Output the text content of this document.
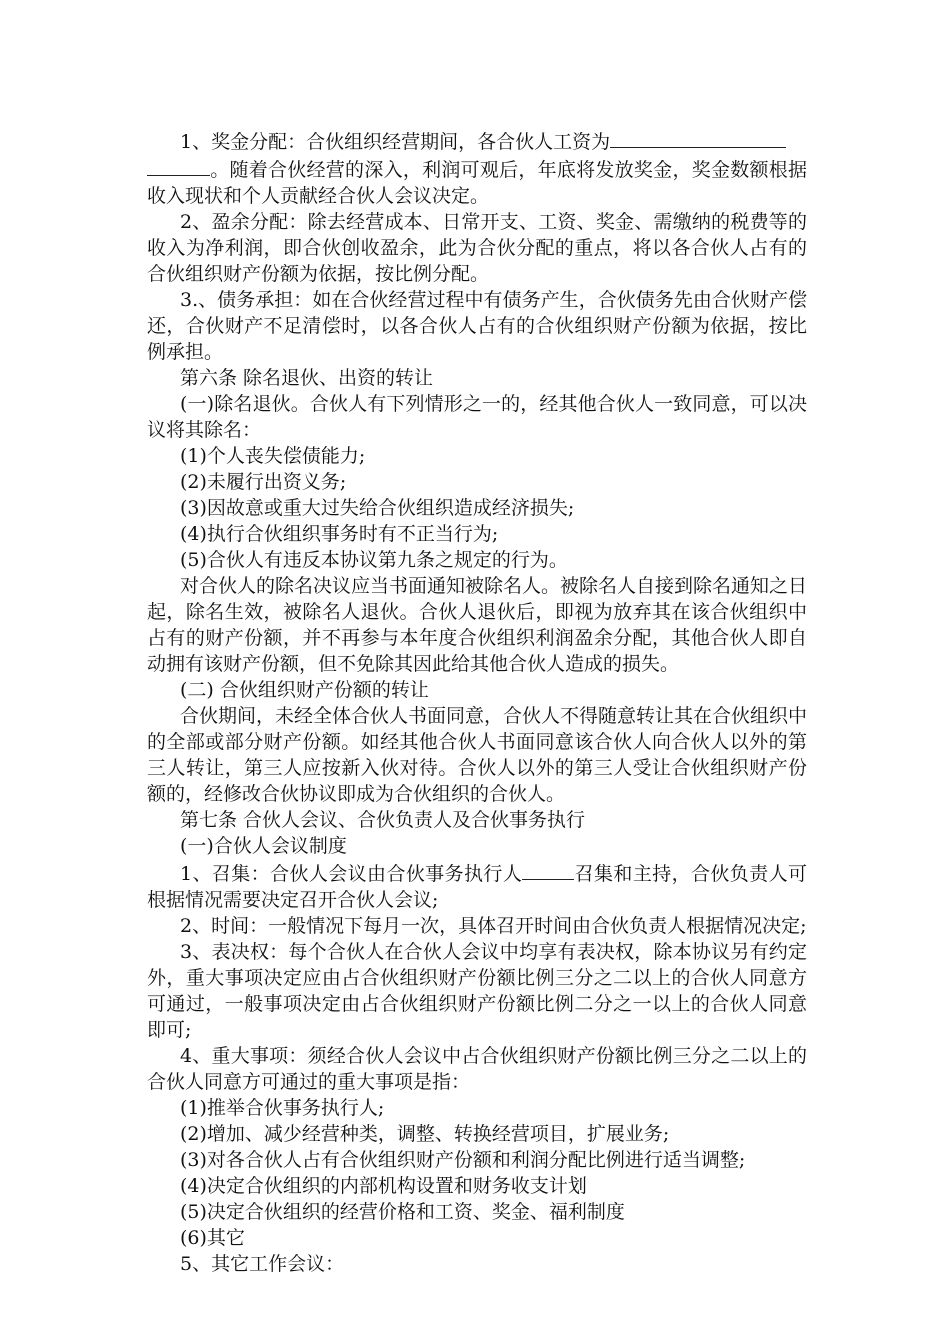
1、奖金分配：合伙组织经营期间，各合伙人工资为

。随着合伙经营的深入，利润可观后，年底将发放奖金，奖金数额根据收入现状和个人贡献经合伙人会议决定。

2、盈余分配：除去经营成本、日常开支、工资、奖金、需缴纳的税费等的收入为净利润，即合伙创收盈余，此为合伙分配的重点，将以各合伙人占有的合伙组织财产份额为依据，按比例分配。

3.、债务承担：如在合伙经营过程中有债务产生，合伙债务先由合伙财产偿还，合伙财产不足清偿时，以各合伙人占有的合伙组织财产份额为依据，按比例承担。

第六条 除名退伙、出资的转让

(一)除名退伙。合伙人有下列情形之一的，经其他合伙人一致同意，可以决议将其除名：

(1)个人丧失偿债能力;

(2)未履行出资义务;

(3)因故意或重大过失给合伙组织造成经济损失;

(4)执行合伙组织事务时有不正当行为;

(5)合伙人有违反本协议第九条之规定的行为。

对合伙人的除名决议应当书面通知被除名人。被除名人自接到除名通知之日起，除名生效，被除名人退伙。合伙人退伙后，即视为放弃其在该合伙组织中占有的财产份额，并不再参与本年度合伙组织利润盈余分配，其他合伙人即自动拥有该财产份额，但不免除其因此给其他合伙人造成的损失。

(二) 合伙组织财产份额的转让

合伙期间，未经全体合伙人书面同意，合伙人不得随意转让其在合伙组织中的全部或部分财产份额。如经其他合伙人书面同意该合伙人向合伙人以外的第三人转让，第三人应按新入伙对待。合伙人以外的第三人受让合伙组织财产份额的，经修改合伙协议即成为合伙组织的合伙人。

第七条 合伙人会议、合伙负责人及合伙事务执行

(一)合伙人会议制度

1、召集：合伙人会议由合伙事务执行人	召集和主持，合伙负责人可根据情况需要决定召开合伙人会议;

2、时间：一般情况下每月一次，具体召开时间由合伙负责人根据情况决定;

3、表决权：每个合伙人在合伙人会议中均享有表决权，除本协议另有约定外，重大事项决定应由占合伙组织财产份额比例三分之二以上的合伙人同意方可通过，一般事项决定由占合伙组织财产份额比例二分之一以上的合伙人同意即可;

4、重大事项：须经合伙人会议中占合伙组织财产份额比例三分之二以上的合伙人同意方可通过的重大事项是指：

(1)推举合伙事务执行人;

(2)增加、减少经营种类，调整、转换经营项目，扩展业务;

(3)对各合伙人占有合伙组织财产份额和利润分配比例进行适当调整;

(4)决定合伙组织的内部机构设置和财务收支计划

(5)决定合伙组织的经营价格和工资、奖金、福利制度

(6)其它

5、其它工作会议：
